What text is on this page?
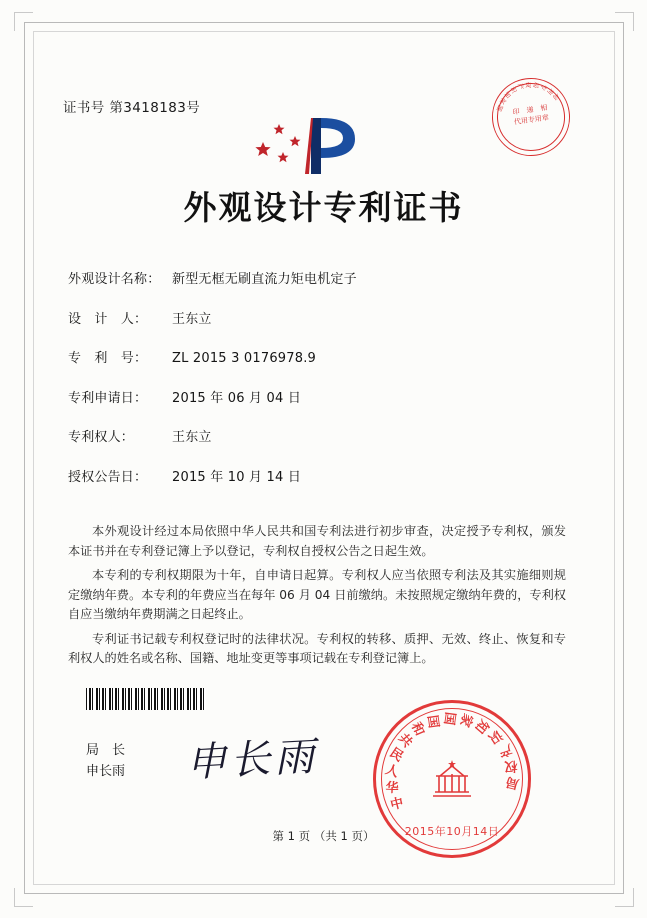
证书号 第3418183号	国
家
知
识
产 权 局
专
利
局
印　递　相
代用专用章
外观设计专利证书
外观设计名称： 新型无框无刷直流力矩电机定子
设　计　人：	王东立
专　利　号：	ZL 2015 3 0176978.9
专利申请日：	2015 年 06 月 04 日
专利权人：	王东立
授权公告日：	2015 年 10 月 14 日

本外观设计经过本局依照中华人民共和国专利法进行初步审查，决定授予专利权，颁发本证书并在专利登记簿上予以登记，专利权自授权公告之日起生效。

本专利的专利权期限为十年，自申请日起算。专利权人应当依照专利法及其实施细则规定缴纳年费。本专利的年费应当在每年 06 月 04 日前缴纳。未按照规定缴纳年费的，专利权自应当缴纳年费期满之日起终止。

专利证书记载专利权登记时的法律状况。专利权的转移、质押、无效、终止、恢复和专利权人的姓名或名称、国籍、地址变更等事项记载在专利登记簿上。

局　长
申长雨 申长雨
中
华
人
民
共
和
国 国
家
知
识
产
权
局
2015年10月14日
第 1 页 （共 1 页）
